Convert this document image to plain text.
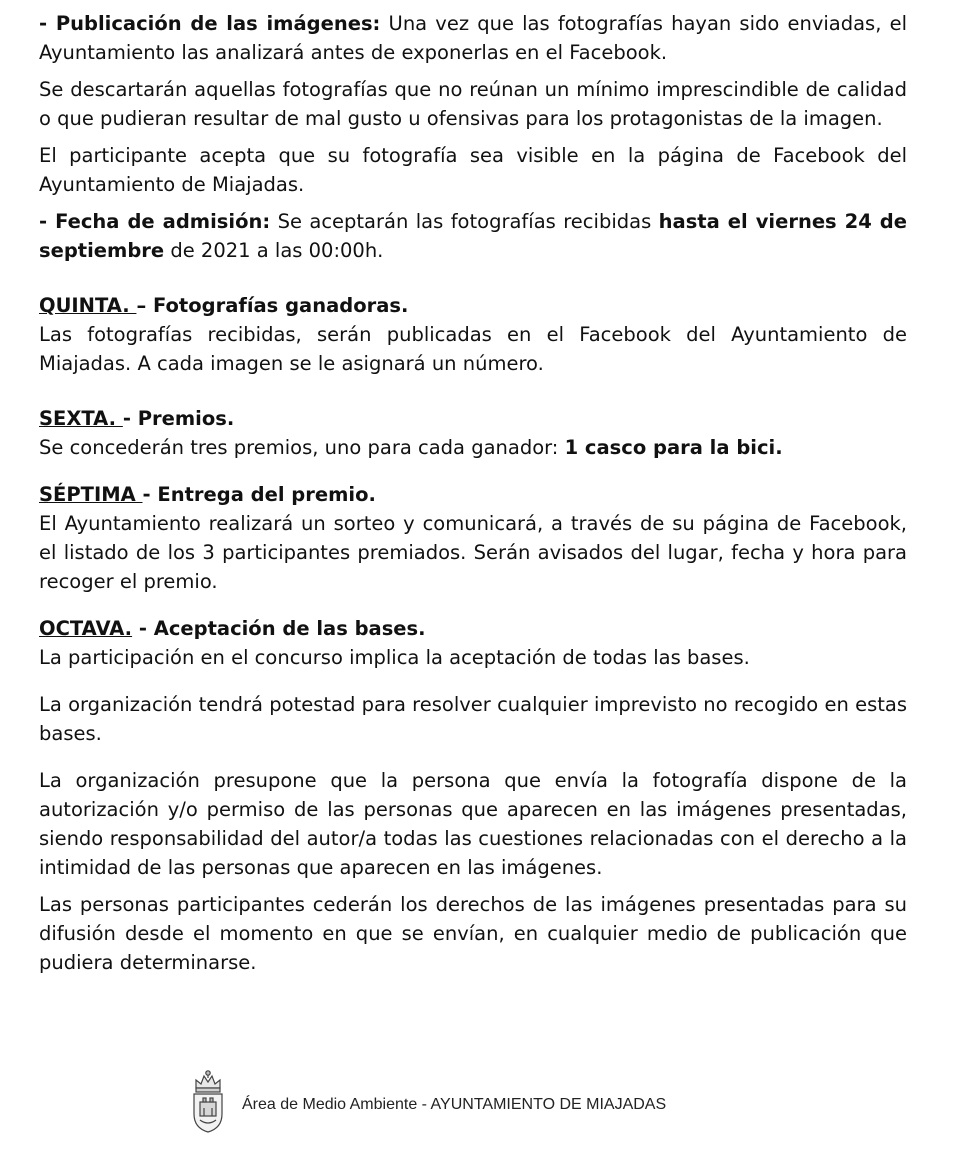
- Publicación de las imágenes: Una vez que las fotografías hayan sido enviadas, el Ayuntamiento las analizará antes de exponerlas en el Facebook.

Se descartarán aquellas fotografías que no reúnan un mínimo imprescindible de calidad o que pudieran resultar de mal gusto u ofensivas para los protagonistas de la imagen.

El participante acepta que su fotografía sea visible en la página de Facebook del Ayuntamiento de Miajadas.

- Fecha de admisión: Se aceptarán las fotografías recibidas hasta el viernes 24 de septiembre de 2021 a las 00:00h.

QUINTA. – Fotografías ganadoras.

Las fotografías recibidas, serán publicadas en el Facebook del Ayuntamiento de Miajadas. A cada imagen se le asignará un número.

SEXTA. - Premios.

Se concederán tres premios, uno para cada ganador: 1 casco para la bici.

SÉPTIMA - Entrega del premio.

El Ayuntamiento realizará un sorteo y comunicará, a través de su página de Facebook, el listado de los 3 participantes premiados. Serán avisados del lugar, fecha y hora para recoger el premio.

OCTAVA. - Aceptación de las bases.

La participación en el concurso implica la aceptación de todas las bases.

La organización tendrá potestad para resolver cualquier imprevisto no recogido en estas bases.

La organización presupone que la persona que envía la fotografía dispone de la autorización y/o permiso de las personas que aparecen en las imágenes presentadas, siendo responsabilidad del autor/a todas las cuestiones relacionadas con el derecho a la intimidad de las personas que aparecen en las imágenes.

Las personas participantes cederán los derechos de las imágenes presentadas para su difusión desde el momento en que se envían, en cualquier medio de publicación que pudiera determinarse.

Área de Medio Ambiente - AYUNTAMIENTO DE MIAJADAS
